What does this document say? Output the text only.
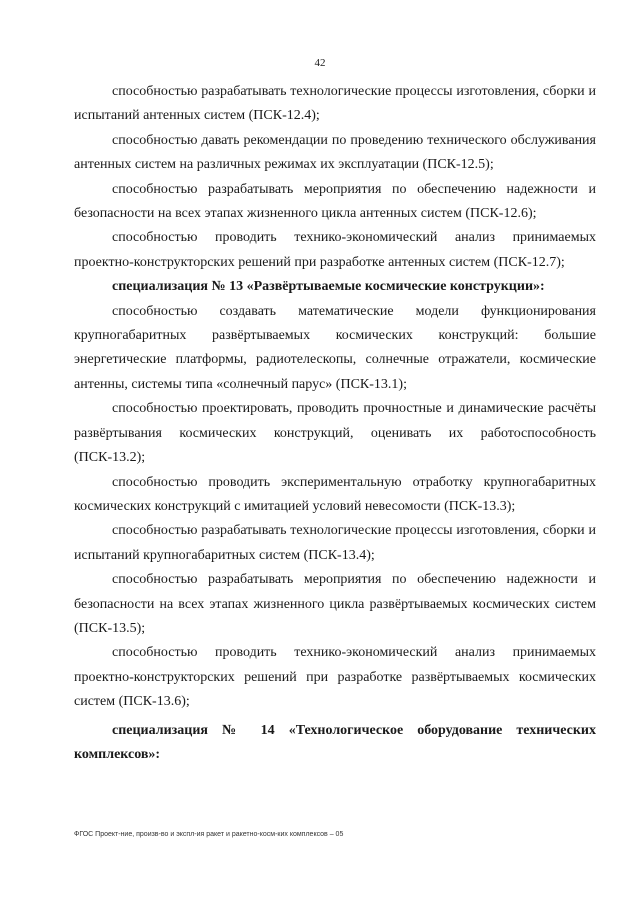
42

способностью разрабатывать технологические процессы изготовления, сборки и испытаний антенных систем (ПСК-12.4);

способностью давать рекомендации по проведению технического обслуживания антенных систем на различных режимах их эксплуатации (ПСК-12.5);

способностью разрабатывать мероприятия по обеспечению надежности и безопасности на всех этапах жизненного цикла антенных систем (ПСК-12.6);

способностью проводить технико-экономический анализ принимаемых проектно-конструкторских решений при разработке антенных систем (ПСК-12.7);

специализация № 13 «Развёртываемые космические конструкции»:

способностью создавать математические модели функционирования крупногабаритных развёртываемых космических конструкций: большие энергетические платформы, радиотелескопы, солнечные отражатели, космические антенны, системы типа «солнечный парус» (ПСК-13.1);

способностью проектировать, проводить прочностные и динамические расчёты развёртывания космических конструкций, оценивать их работоспособность (ПСК-13.2);

способностью проводить экспериментальную отработку крупногабаритных космических конструкций с имитацией условий невесомости (ПСК-13.3);

способностью разрабатывать технологические процессы изготовления, сборки и испытаний крупногабаритных систем (ПСК-13.4);

способностью разрабатывать мероприятия по обеспечению надежности и безопасности на всех этапах жизненного цикла развёртываемых космических систем (ПСК-13.5);

способностью проводить технико-экономический анализ принимаемых проектно-конструкторских решений при разработке развёртываемых космических систем (ПСК-13.6);

специализация № 14 «Технологическое оборудование технических комплексов»:

ФГОС Проект-ние, произв-во и экспл-ия ракет и ракетно-косм-ких комплексов – 05
